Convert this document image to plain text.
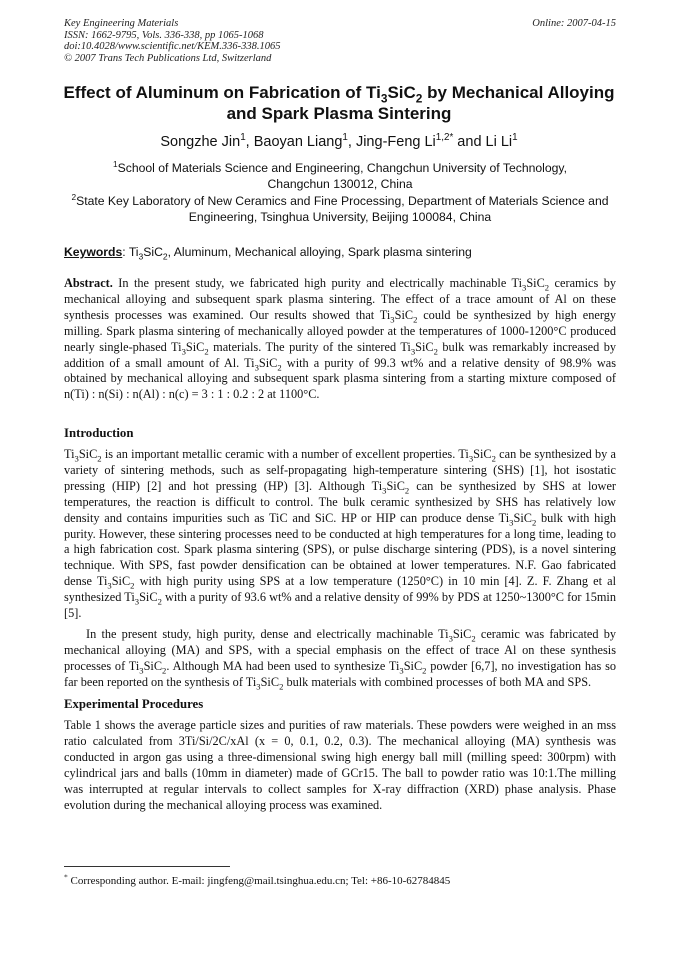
Key Engineering Materials
ISSN: 1662-9795, Vols. 336-338, pp 1065-1068
doi:10.4028/www.scientific.net/KEM.336-338.1065
© 2007 Trans Tech Publications Ltd, Switzerland
Online: 2007-04-15
Effect of Aluminum on Fabrication of $Ti_3SiC_2$ by Mechanical Alloying
and Spark Plasma Sintering
Songzhe Jin$^1$, Baoyan Liang$^1$, Jing-Feng $Li^{1,2*}$ and Li Li$^1$
$^1$School of Materials Science and Engineering, Changchun University of Technology,
Changchun 130012, China
$^2$State Key Laboratory of New Ceramics and Fine Processing, Department of Materials Science and
Engineering, Tsinghua University, Beijing 100084, China
Keywords: $Ti_3SiC_2$, Aluminum, Mechanical alloying, Spark plasma sintering
Abstract. In the present study, we fabricated high purity and electrically machinable $Ti_3SiC_2$ ceramics by mechanical alloying and subsequent spark plasma sintering. The effect of a trace amount of Al on these synthesis processes was examined. Our results showed that $Ti_3SiC_2$ could be synthesized by high energy milling. Spark plasma sintering of mechanically alloyed powder at the temperatures of 1000-1200°C produced nearly single-phased $Ti_3SiC_2$ materials. The purity of the sintered $Ti_3SiC_2$ bulk was remarkably increased by addition of a small amount of Al. $Ti_3SiC_2$ with a purity of 99.3 wt% and a relative density of 98.9% was obtained by mechanical alloying and subsequent spark plasma sintering from a starting mixture composed of n(Ti) : n(Si) : n(Al) : n(c) = 3 : 1 : 0.2 : 2 at 1100°C.
Introduction
$Ti_3SiC_2$ is an important metallic ceramic with a number of excellent properties. $Ti_3SiC_2$ can be synthesized by a variety of sintering methods, such as self-propagating high-temperature sintering (SHS) [1], hot isostatic pressing (HIP) [2] and hot pressing (HP) [3]. Although $Ti_3SiC_2$ can be synthesized by SHS at lower temperatures, the reaction is difficult to control. The bulk ceramic synthesized by SHS has relatively low density and contains impurities such as TiC and SiC. HP or HIP can produce dense $Ti_3SiC_2$ bulk with high purity. However, these sintering processes need to be conducted at high temperatures for a long time, leading to a high fabrication cost. Spark plasma sintering (SPS), or pulse discharge sintering (PDS), is a novel sintering technique. With SPS, fast powder densification can be obtained at lower temperatures. N.F. Gao fabricated dense $Ti_3SiC_2$ with high purity using SPS at a low temperature (1250°C) in 10 min [4]. Z. F. Zhang et al synthesized $Ti_3SiC_2$ with a purity of 93.6 wt% and a relative density of 99% by PDS at 1250~1300°C for 15min [5].
In the present study, high purity, dense and electrically machinable $Ti_3SiC_2$ ceramic was fabricated by mechanical alloying (MA) and SPS, with a special emphasis on the effect of trace Al on these synthesis processes of $Ti_3SiC_2$. Although MA had been used to synthesize $Ti_3SiC_2$ powder [6,7], no investigation has so far been reported on the synthesis of $Ti_3SiC_2$ bulk materials with combined processes of both MA and SPS.
Experimental Procedures
Table 1 shows the average particle sizes and purities of raw materials. These powders were weighed in an mss ratio calculated from 3Ti/Si/2C/xAl (x = 0, 0.1, 0.2, 0.3). The mechanical alloying (MA) synthesis was conducted in argon gas using a three-dimensional swing high energy ball mill (milling speed: 300rpm) with cylindrical jars and balls (10mm in diameter) made of GCr15. The ball to powder ratio was 10:1.The milling was interrupted at regular intervals to collect samples for X-ray diffraction (XRD) phase analysis. Phase evolution during the mechanical alloying process was examined.
* Corresponding author. E-mail: jingfeng@mail.tsinghua.edu.cn; Tel: +86-10-62784845
